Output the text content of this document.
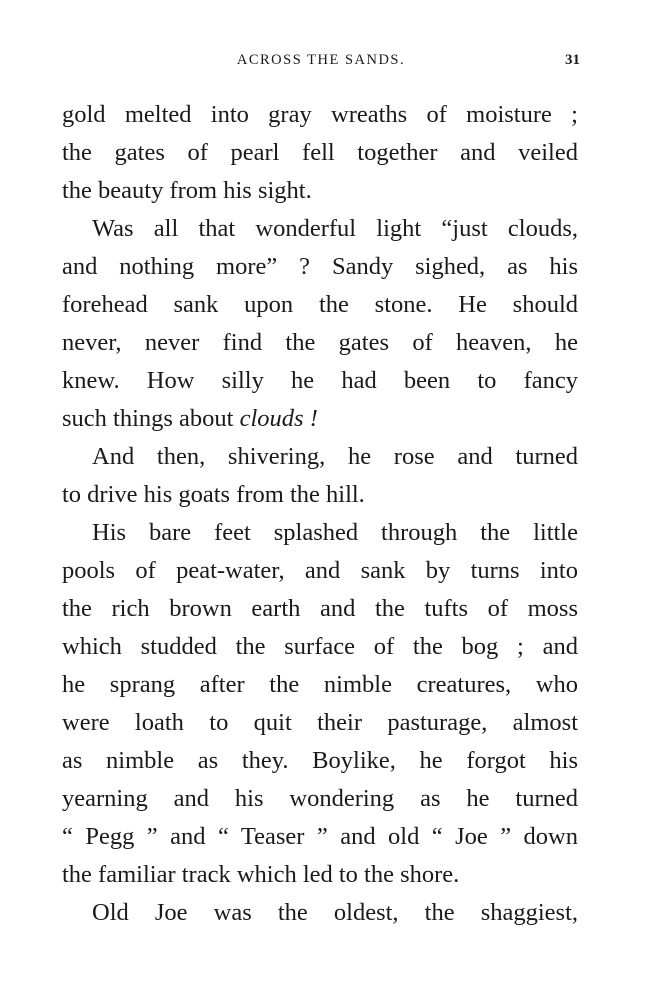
ACROSS THE SANDS.	31
gold melted into gray wreaths of moisture ;
the gates of pearl fell together and veiled
the beauty from his sight.
Was all that wonderful light “just clouds,
and nothing more” ? Sandy sighed, as his
forehead sank upon the stone. He should
never, never find the gates of heaven, he
knew. How silly he had been to fancy
such things about clouds !
And then, shivering, he rose and turned
to drive his goats from the hill.
His bare feet splashed through the little
pools of peat-water, and sank by turns into
the rich brown earth and the tufts of moss
which studded the surface of the bog ; and
he sprang after the nimble creatures, who
were loath to quit their pasturage, almost
as nimble as they. Boylike, he forgot his
yearning and his wondering as he turned
“ Pegg ” and “ Teaser ” and old “ Joe ” down
the familiar track which led to the shore.
Old Joe was the oldest, the shaggiest,
